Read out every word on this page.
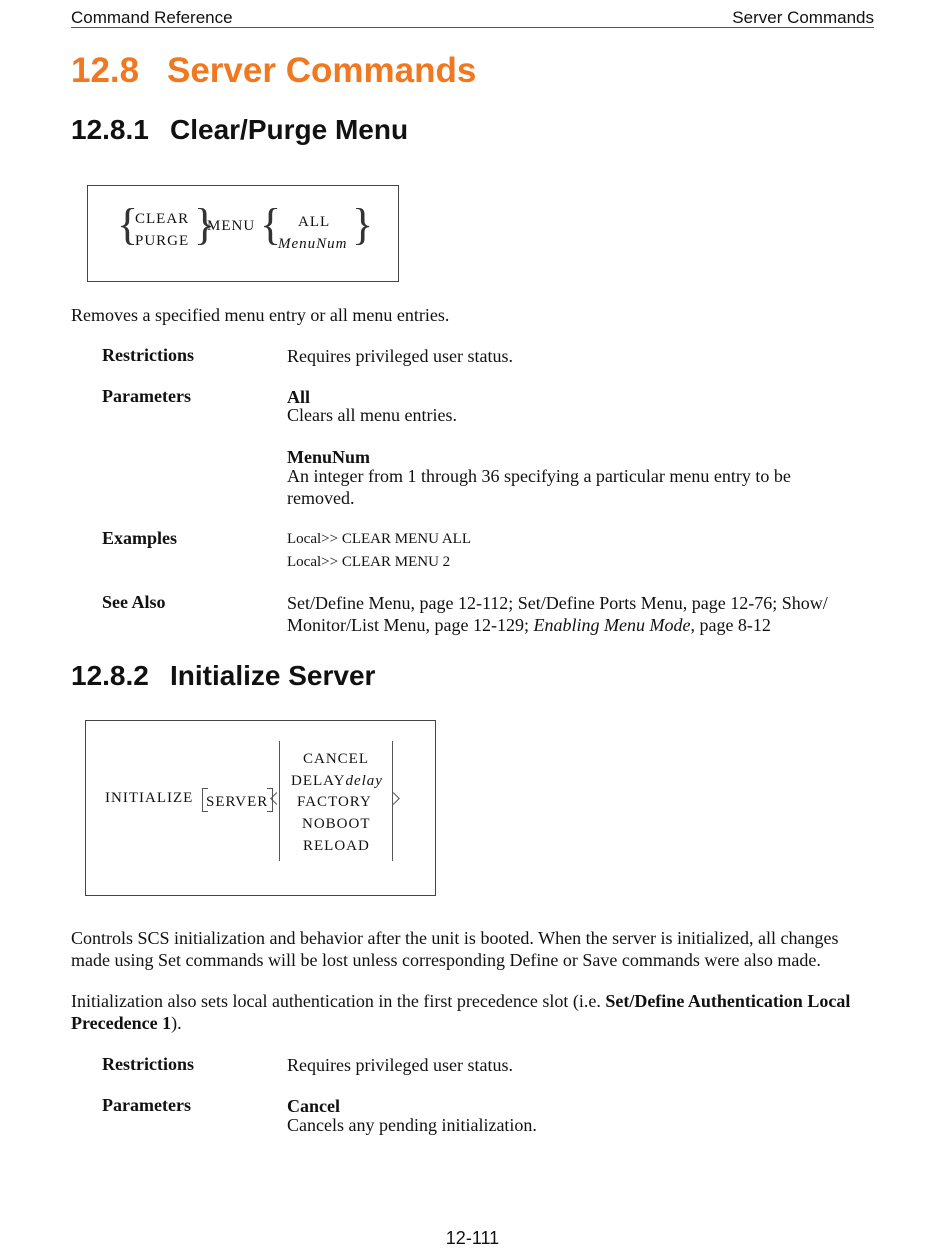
Command Reference	Server Commands
12.8 Server Commands
12.8.1 Clear/Purge Menu
{
CLEAR
PURGE }
MENU { ALL
MenuNum }
Removes a specified menu entry or all menu entries.
Restrictions	Requires privileged user status.
Parameters	All
Clears all menu entries.
MenuNum
An integer from 1 through 36 specifying a particular menu entry to be
removed.
Examples	Local>> CLEAR MENU ALL
Local>> CLEAR MENU 2
See Also	Set/Define Menu, page 12-112; Set/Define Ports Menu, page 12-76; Show/
Monitor/List Menu, page 12-129; Enabling Menu Mode, page 8-12
12.8.2 Initialize Server
INITIALIZE SERVER
CANCEL
DELAYdelay
FACTORY
NOBOOT
RELOAD
Controls SCS initialization and behavior after the unit is booted. When the server is initialized, all changes
made using Set commands will be lost unless corresponding Define or Save commands were also made.
Initialization also sets local authentication in the first precedence slot (i.e. Set/Define Authentication Local
Precedence 1).
Restrictions	Requires privileged user status.
Parameters	Cancel
Cancels any pending initialization.
12-111
